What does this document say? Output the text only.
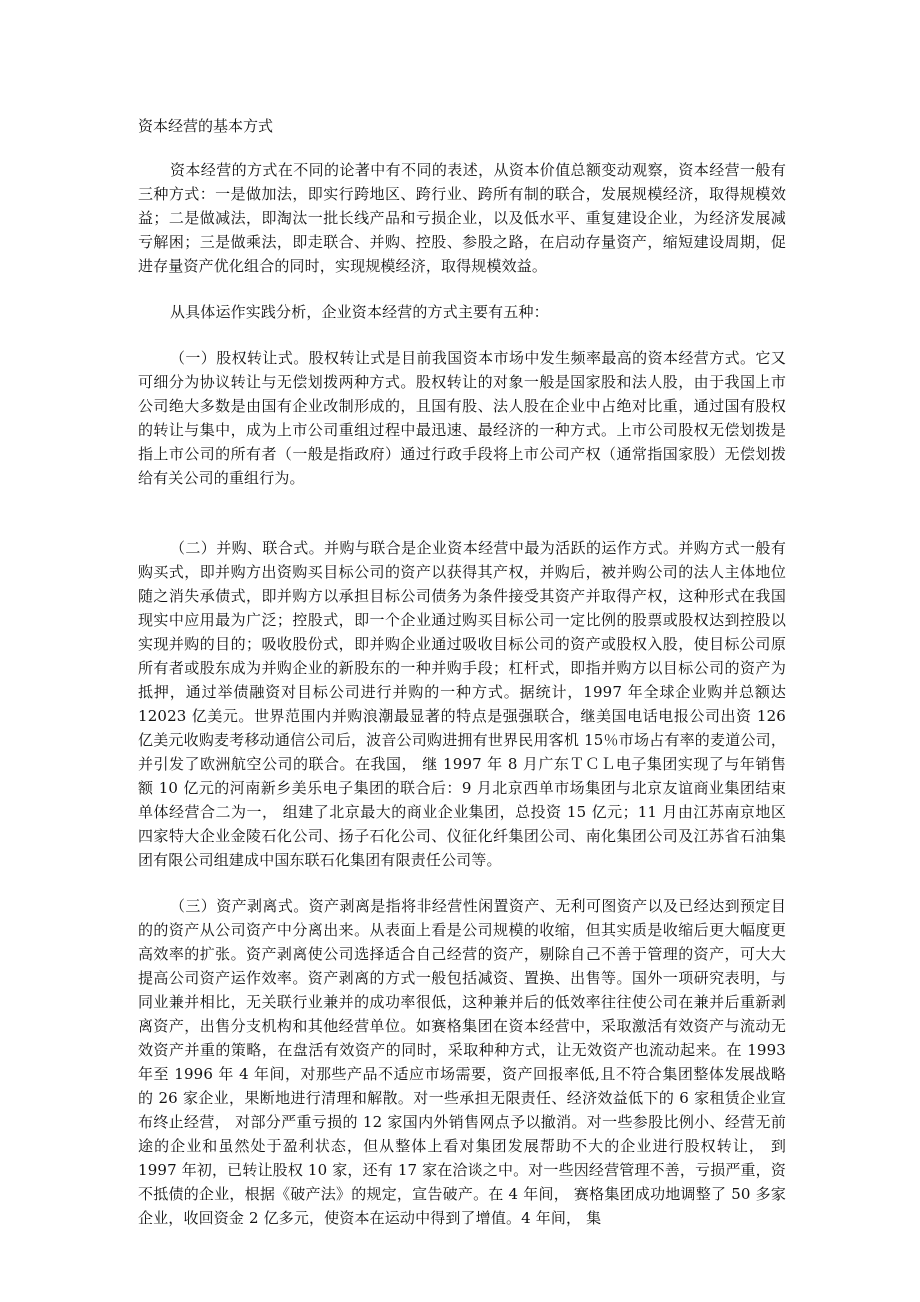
资本经营的基本方式

资本经营的方式在不同的论著中有不同的表述，从资本价值总额变动观察，资本经营一般有三种方式：一是做加法，即实行跨地区、跨行业、跨所有制的联合，发展规模经济，取得规模效益；二是做减法，即淘汰一批长线产品和亏损企业，以及低水平、重复建设企业，为经济发展减亏解困；三是做乘法，即走联合、并购、控股、参股之路，在启动存量资产，缩短建设周期，促进存量资产优化组合的同时，实现规模经济，取得规模效益。

从具体运作实践分析，企业资本经营的方式主要有五种：

（一）股权转让式。股权转让式是目前我国资本市场中发生频率最高的资本经营方式。它又可细分为协议转让与无偿划拨两种方式。股权转让的对象一般是国家股和法人股，由于我国上市公司绝大多数是由国有企业改制形成的，且国有股、法人股在企业中占绝对比重，通过国有股权的转让与集中，成为上市公司重组过程中最迅速、最经济的一种方式。上市公司股权无偿划拨是指上市公司的所有者（一般是指政府）通过行政手段将上市公司产权（通常指国家股）无偿划拨给有关公司的重组行为。

（二）并购、联合式。并购与联合是企业资本经营中最为活跃的运作方式。并购方式一般有购买式，即并购方出资购买目标公司的资产以获得其产权，并购后，被并购公司的法人主体地位随之消失承债式，即并购方以承担目标公司债务为条件接受其资产并取得产权，这种形式在我国现实中应用最为广泛；控股式，即一个企业通过购买目标公司一定比例的股票或股权达到控股以实现并购的目的；吸收股份式，即并购企业通过吸收目标公司的资产或股权入股，使目标公司原所有者或股东成为并购企业的新股东的一种并购手段；杠杆式，即指并购方以目标公司的资产为抵押，通过举债融资对目标公司进行并购的一种方式。据统计，1997 年全球企业购并总额达 12023 亿美元。世界范围内并购浪潮最显著的特点是强强联合，继美国电话电报公司出资 126 亿美元收购麦考移动通信公司后，波音公司购进拥有世界民用客机 15％市场占有率的麦道公司，并引发了欧洲航空公司的联合。在我国， 继 1997 年 8 月广东ＴＣＬ电子集团实现了与年销售额 10 亿元的河南新乡美乐电子集团的联合后：9 月北京西单市场集团与北京友谊商业集团结束单体经营合二为一， 组建了北京最大的商业企业集团，总投资 15 亿元；11 月由江苏南京地区四家特大企业金陵石化公司、扬子石化公司、仪征化纤集团公司、南化集团公司及江苏省石油集团有限公司组建成中国东联石化集团有限责任公司等。

（三）资产剥离式。资产剥离是指将非经营性闲置资产、无利可图资产以及已经达到预定目的的资产从公司资产中分离出来。从表面上看是公司规模的收缩，但其实质是收缩后更大幅度更高效率的扩张。资产剥离使公司选择适合自己经营的资产，剔除自己不善于管理的资产，可大大提高公司资产运作效率。资产剥离的方式一般包括减资、置换、出售等。国外一项研究表明，与同业兼并相比，无关联行业兼并的成功率很低，这种兼并后的低效率往往使公司在兼并后重新剥离资产，出售分支机构和其他经营单位。如赛格集团在资本经营中，采取激活有效资产与流动无效资产并重的策略，在盘活有效资产的同时，采取种种方式，让无效资产也流动起来。在 1993 年至 1996 年 4 年间，对那些产品不适应市场需要，资产回报率低,且不符合集团整体发展战略的 26 家企业，果断地进行清理和解散。对一些承担无限责任、经济效益低下的 6 家租赁企业宣布终止经营， 对部分严重亏损的 12 家国内外销售网点予以撤消。对一些参股比例小、经营无前途的企业和虽然处于盈利状态，但从整体上看对集团发展帮助不大的企业进行股权转让， 到 1997 年初，已转让股权 10 家，还有 17 家在洽谈之中。对一些因经营管理不善，亏损严重，资不抵债的企业，根据《破产法》的规定，宣告破产。在 4 年间， 赛格集团成功地调整了 50 多家企业，收回资金 2 亿多元，使资本在运动中得到了增值。4 年间， 集
